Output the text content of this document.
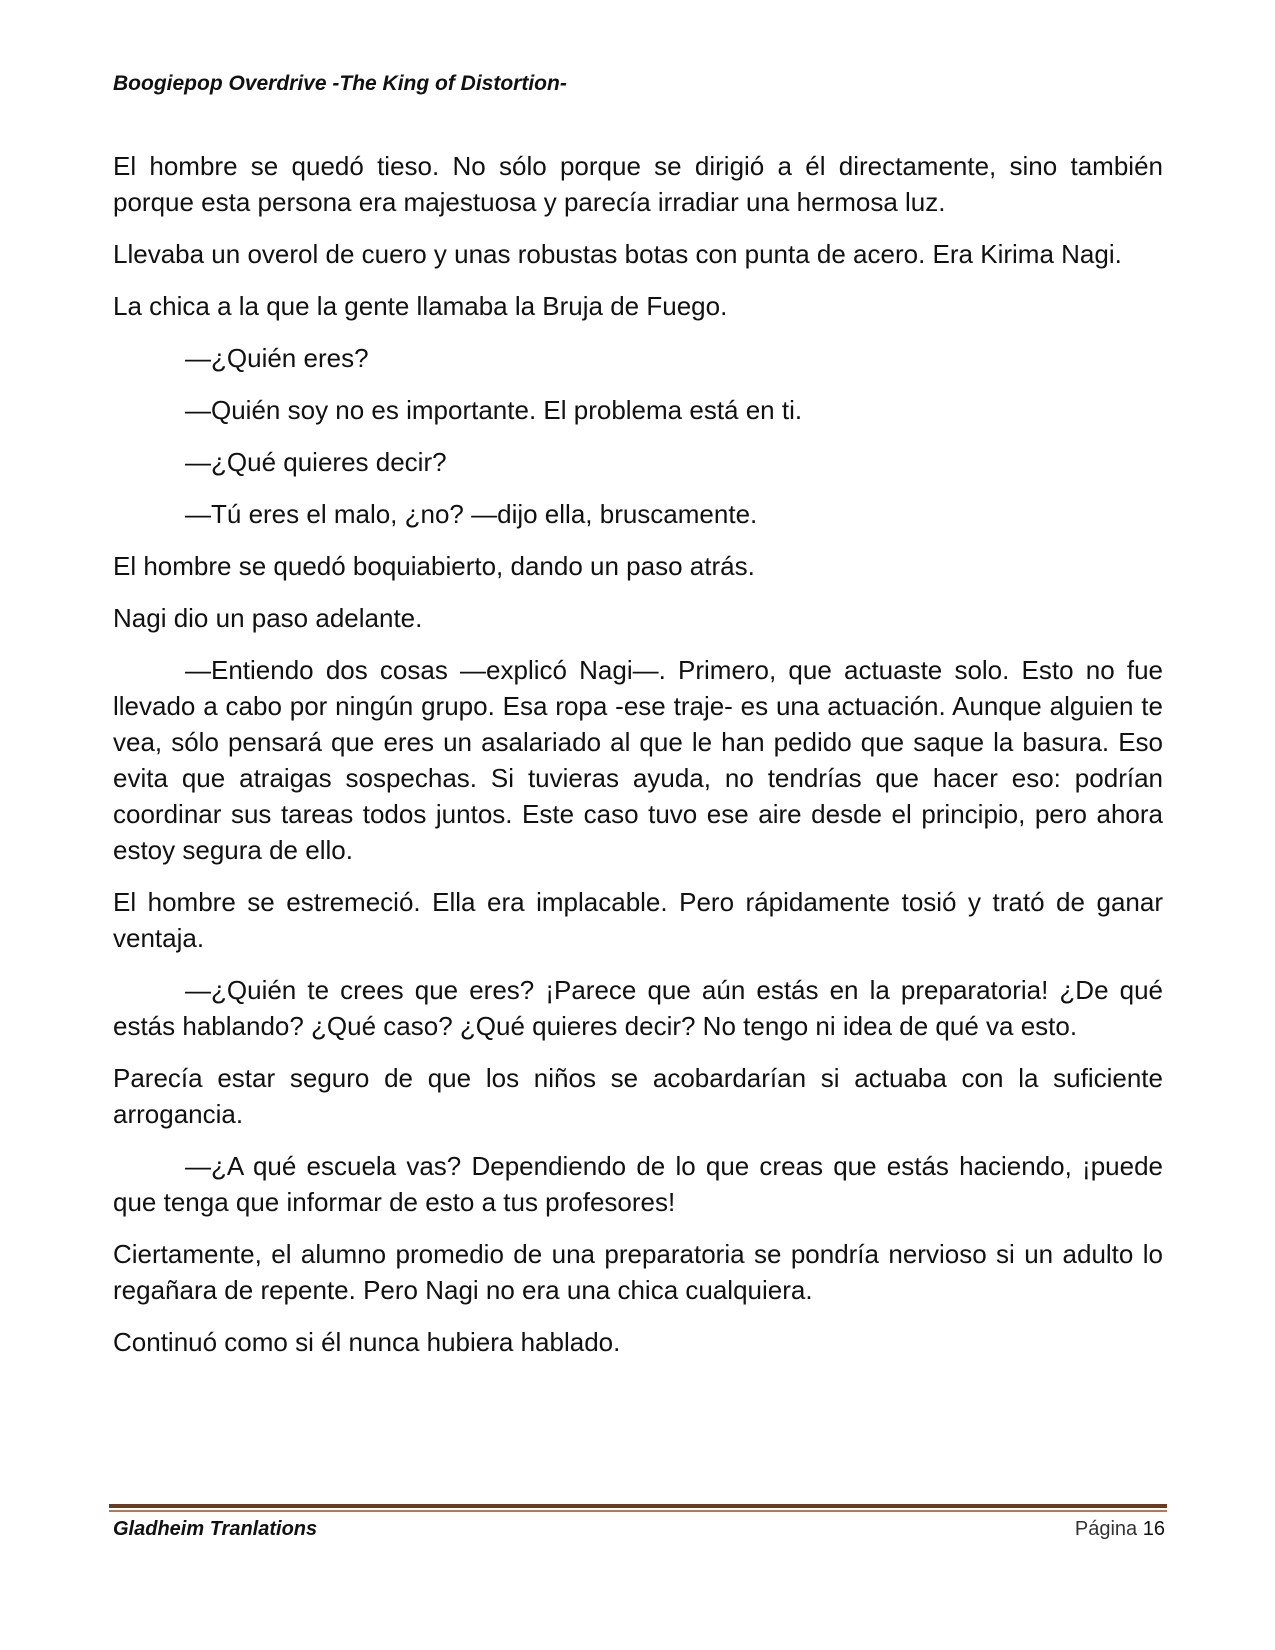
Boogiepop Overdrive -The King of Distortion-

El hombre se quedó tieso. No sólo porque se dirigió a él directamente, sino también porque esta persona era majestuosa y parecía irradiar una hermosa luz.

Llevaba un overol de cuero y unas robustas botas con punta de acero. Era Kirima Nagi.

La chica a la que la gente llamaba la Bruja de Fuego.

—¿Quién eres?

—Quién soy no es importante. El problema está en ti.

—¿Qué quieres decir?

—Tú eres el malo, ¿no? —dijo ella, bruscamente.

El hombre se quedó boquiabierto, dando un paso atrás.

Nagi dio un paso adelante.

—Entiendo dos cosas —explicó Nagi—. Primero, que actuaste solo. Esto no fue llevado a cabo por ningún grupo. Esa ropa -ese traje- es una actuación. Aunque alguien te vea, sólo pensará que eres un asalariado al que le han pedido que saque la basura. Eso evita que atraigas sospechas. Si tuvieras ayuda, no tendrías que hacer eso: podrían coordinar sus tareas todos juntos. Este caso tuvo ese aire desde el principio, pero ahora estoy segura de ello.

El hombre se estremeció. Ella era implacable. Pero rápidamente tosió y trató de ganar ventaja.

—¿Quién te crees que eres? ¡Parece que aún estás en la preparatoria! ¿De qué estás hablando? ¿Qué caso? ¿Qué quieres decir? No tengo ni idea de qué va esto.

Parecía estar seguro de que los niños se acobardarían si actuaba con la suficiente arrogancia.

—¿A qué escuela vas? Dependiendo de lo que creas que estás haciendo, ¡puede que tenga que informar de esto a tus profesores!

Ciertamente, el alumno promedio de una preparatoria se pondría nervioso si un adulto lo regañara de repente. Pero Nagi no era una chica cualquiera.

Continuó como si él nunca hubiera hablado.

Gladheim Tranlations	Página 16
